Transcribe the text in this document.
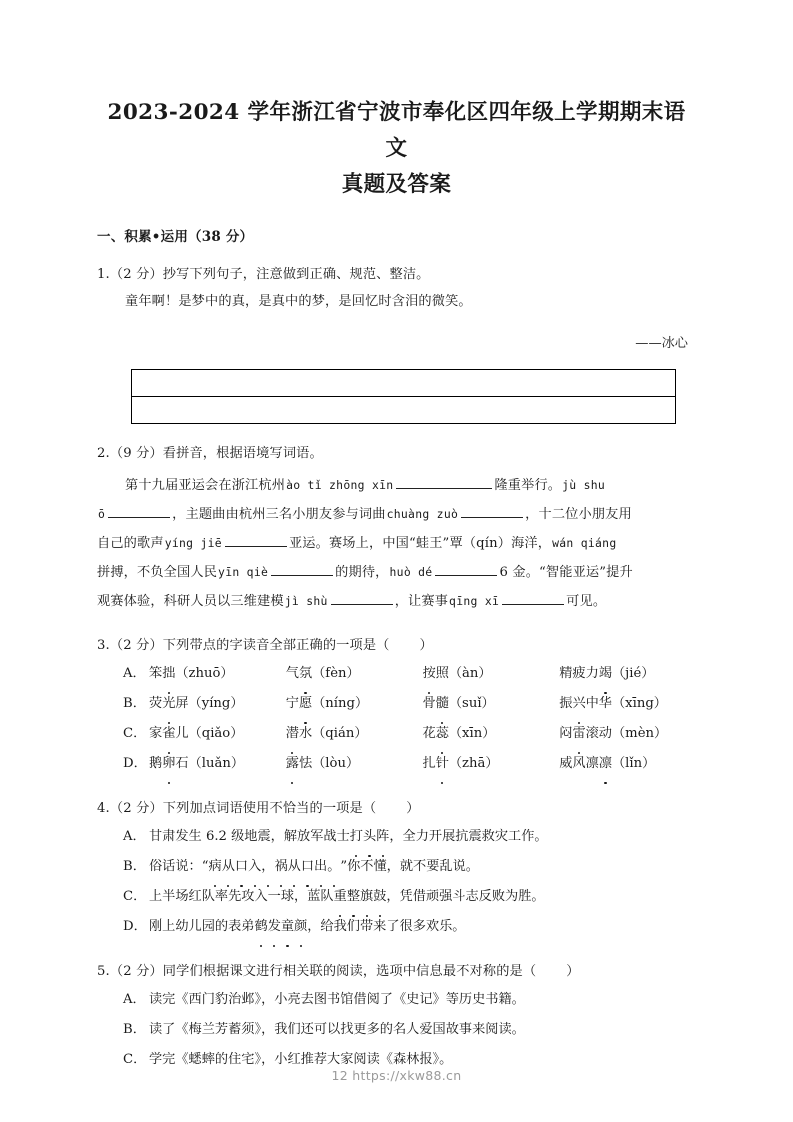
2023-2024 学年浙江省宁波市奉化区四年级上学期期末语文
真题及答案
一、积累•运用（38 分）
1.（2 分）抄写下列句子，注意做到正确、规范、整洁。
童年啊！是梦中的真，是真中的梦，是回忆时含泪的微笑。
——冰心
2.（9 分）看拼音，根据语境写词语。
第十九届亚运会在浙江杭州ào tǐ zhōng xīn	隆重举行。jù shu
ō	，主题曲由杭州三名小朋友参与词曲chuàng zuò	，十二位小朋友用
自己的歌声yíng jiē	亚运。赛场上，中国“蛙王”覃（qín）海洋，wán qiáng
拼搏，不负全国人民yīn qiè	的期待，huò dé	6 金。“智能亚运”提升
观赛体验，科研人员以三维建模jì shù	，让赛事qīng xī	可见。
3.（2 分）下列带点的字读音全部正确的一项是（ ）
A． 笨拙（zhuō）	气氛（fèn）	按照（àn）	精疲力竭（jié）
B． 荧光屏（yíng）	宁愿（níng）	骨髓（suǐ）	振兴中华（xīng）
C． 家雀儿（qiǎo）	潜水（qián）	花蕊（xīn）	闷雷滚动（mèn）
D． 鹅卵石（luǎn）	露怯（lòu）	扎针（zhā）	威风凛凛（lǐn）
4.（2 分）下列加点词语使用不恰当的一项是（ ）
A． 甘肃发生 6.2 级地震，解放军战士打头阵，全力开展抗震救灾工作。
B． 俗话说：“病从口入，祸从口出。”你不懂，就不要乱说。
C． 上半场红队率先攻入一球，蓝队重整旗鼓，凭借顽强斗志反败为胜。
D． 刚上幼儿园的表弟鹤发童颜，给我们带来了很多欢乐。
5.（2 分）同学们根据课文进行相关联的阅读，选项中信息最不对称的是（ ）
A． 读完《西门豹治邺》，小亮去图书馆借阅了《史记》等历史书籍。
B． 读了《梅兰芳蓄须》，我们还可以找更多的名人爱国故事来阅读。
C． 学完《蟋蟀的住宅》，小红推荐大家阅读《森林报》。
12 https://xkw88.cn
